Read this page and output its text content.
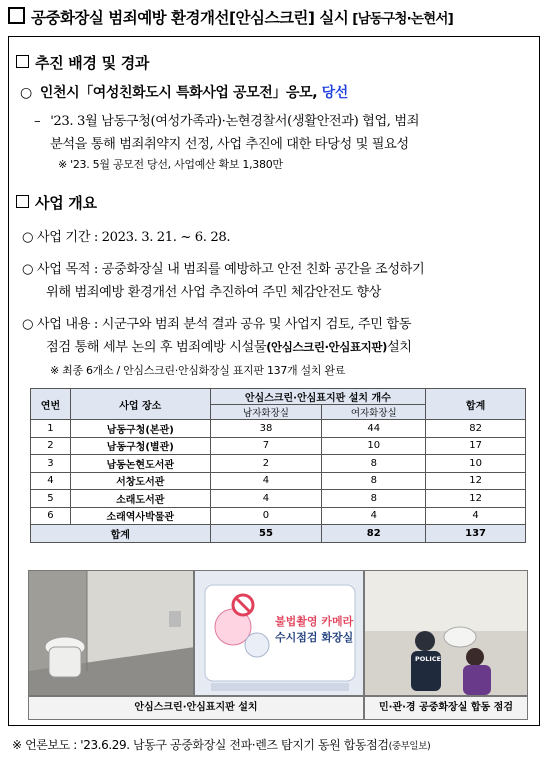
공중화장실 범죄예방 환경개선[안심스크린] 실시 [남동구청·논현서]
추진 배경 및 경과
○ 인천시「여성친화도시 특화사업 공모전」응모, 당선
– '23. 3월 남동구청(여성가족과)·논현경찰서(생활안전과) 협업, 범죄
분석을 통해 범죄취약지 선정, 사업 추진에 대한 타당성 및 필요성
※ '23. 5월 공모전 당선, 사업예산 확보 1,380만
사업 개요
○ 사업 기간 : 2023. 3. 21. ~ 6. 28.
○ 사업 목적 : 공중화장실 내 범죄를 예방하고 안전 친화 공간을 조성하기
위해 범죄예방 환경개선 사업 추진하여 주민 체감안전도 향상
○ 사업 내용 : 시군구와 범죄 분석 결과 공유 및 사업지 검토, 주민 합동
점검 통해 세부 논의 후 범죄예방 시설물(안심스크린·안심표지판)설치
※ 최종 6개소 / 안심스크린·안심화장실 표지판 137개 설치 완료
연번	사업 장소	안심스크린·안심표지판 설치 개수		합계
		남자화장실	여자화장실	
1	남동구청(본관)	38	44	82
2	남동구청(별관)	7	10	17
3	남동논현도서관	2	8	10
4	서창도서관	4	8	12
5	소래도서관	4	8	12
6	소래역사박물관	0	4	4
합계		55	82	137
불법촬영 카메라
수시점검 화장실
POLICE
안심스크린·안심표지판 설치	민·관·경 공중화장실 합동 점검
※ 언론보도 : '23.6.29. 남동구 공중화장실 전파·렌즈 탐지기 동원 합동점검(중부일보)
